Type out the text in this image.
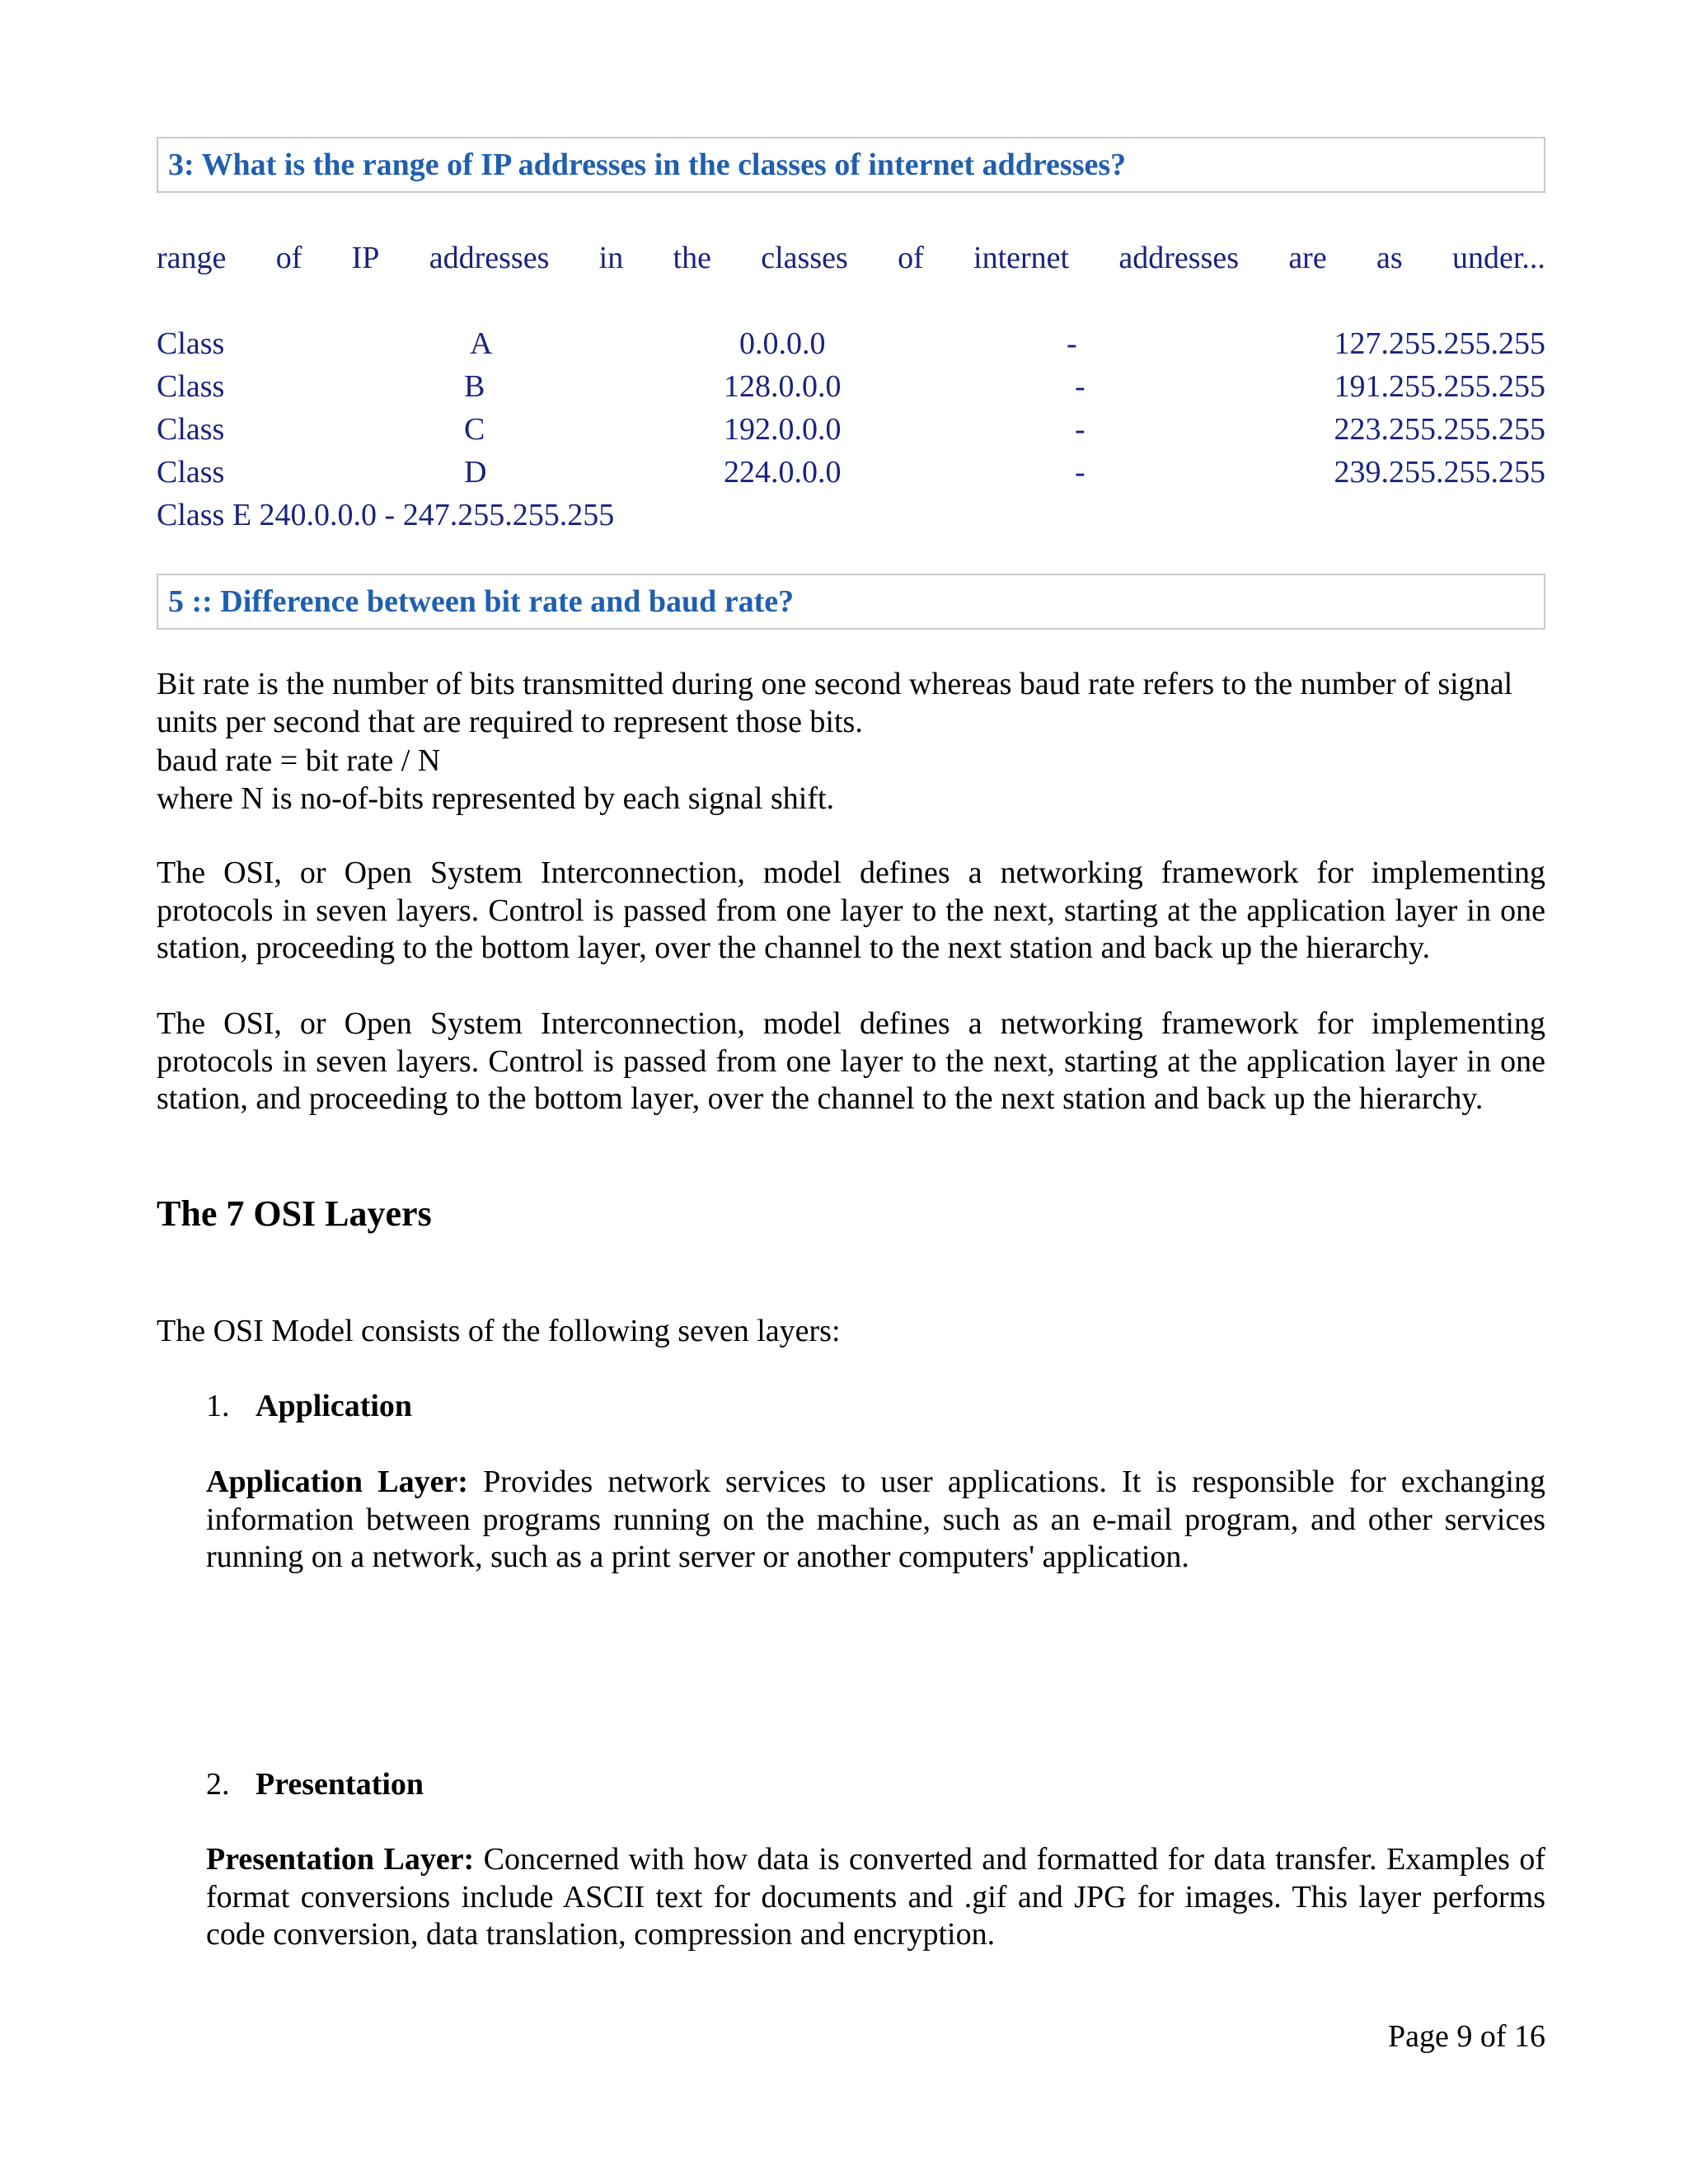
3: What is the range of IP addresses in the classes of internet addresses?
range of IP addresses in the classes of internet addresses are as under...
Class	A	0.0.0.0	-	127.255.255.255
Class	B	128.0.0.0	-	191.255.255.255
Class	C	192.0.0.0	-	223.255.255.255
Class	D	224.0.0.0	-	239.255.255.255
Class E 240.0.0.0 - 247.255.255.255
5 :: Difference between bit rate and baud rate?
Bit rate is the number of bits transmitted during one second whereas baud rate refers to the number of signal units per second that are required to represent those bits.
baud rate = bit rate / N
where N is no-of-bits represented by each signal shift.
The OSI, or Open System Interconnection, model defines a networking framework for implementing protocols in seven layers. Control is passed from one layer to the next, starting at the application layer in one station, proceeding to the bottom layer, over the channel to the next station and back up the hierarchy.
The OSI, or Open System Interconnection, model defines a networking framework for implementing protocols in seven layers. Control is passed from one layer to the next, starting at the application layer in one station, and proceeding to the bottom layer, over the channel to the next station and back up the hierarchy.
The 7 OSI Layers
The OSI Model consists of the following seven layers:
1. Application
Application Layer: Provides network services to user applications. It is responsible for exchanging information between programs running on the machine, such as an e-mail program, and other services running on a network, such as a print server or another computers' application.
2. Presentation
Presentation Layer: Concerned with how data is converted and formatted for data transfer. Examples of format conversions include ASCII text for documents and .gif and JPG for images. This layer performs code conversion, data translation, compression and encryption.
Page 9 of 16
